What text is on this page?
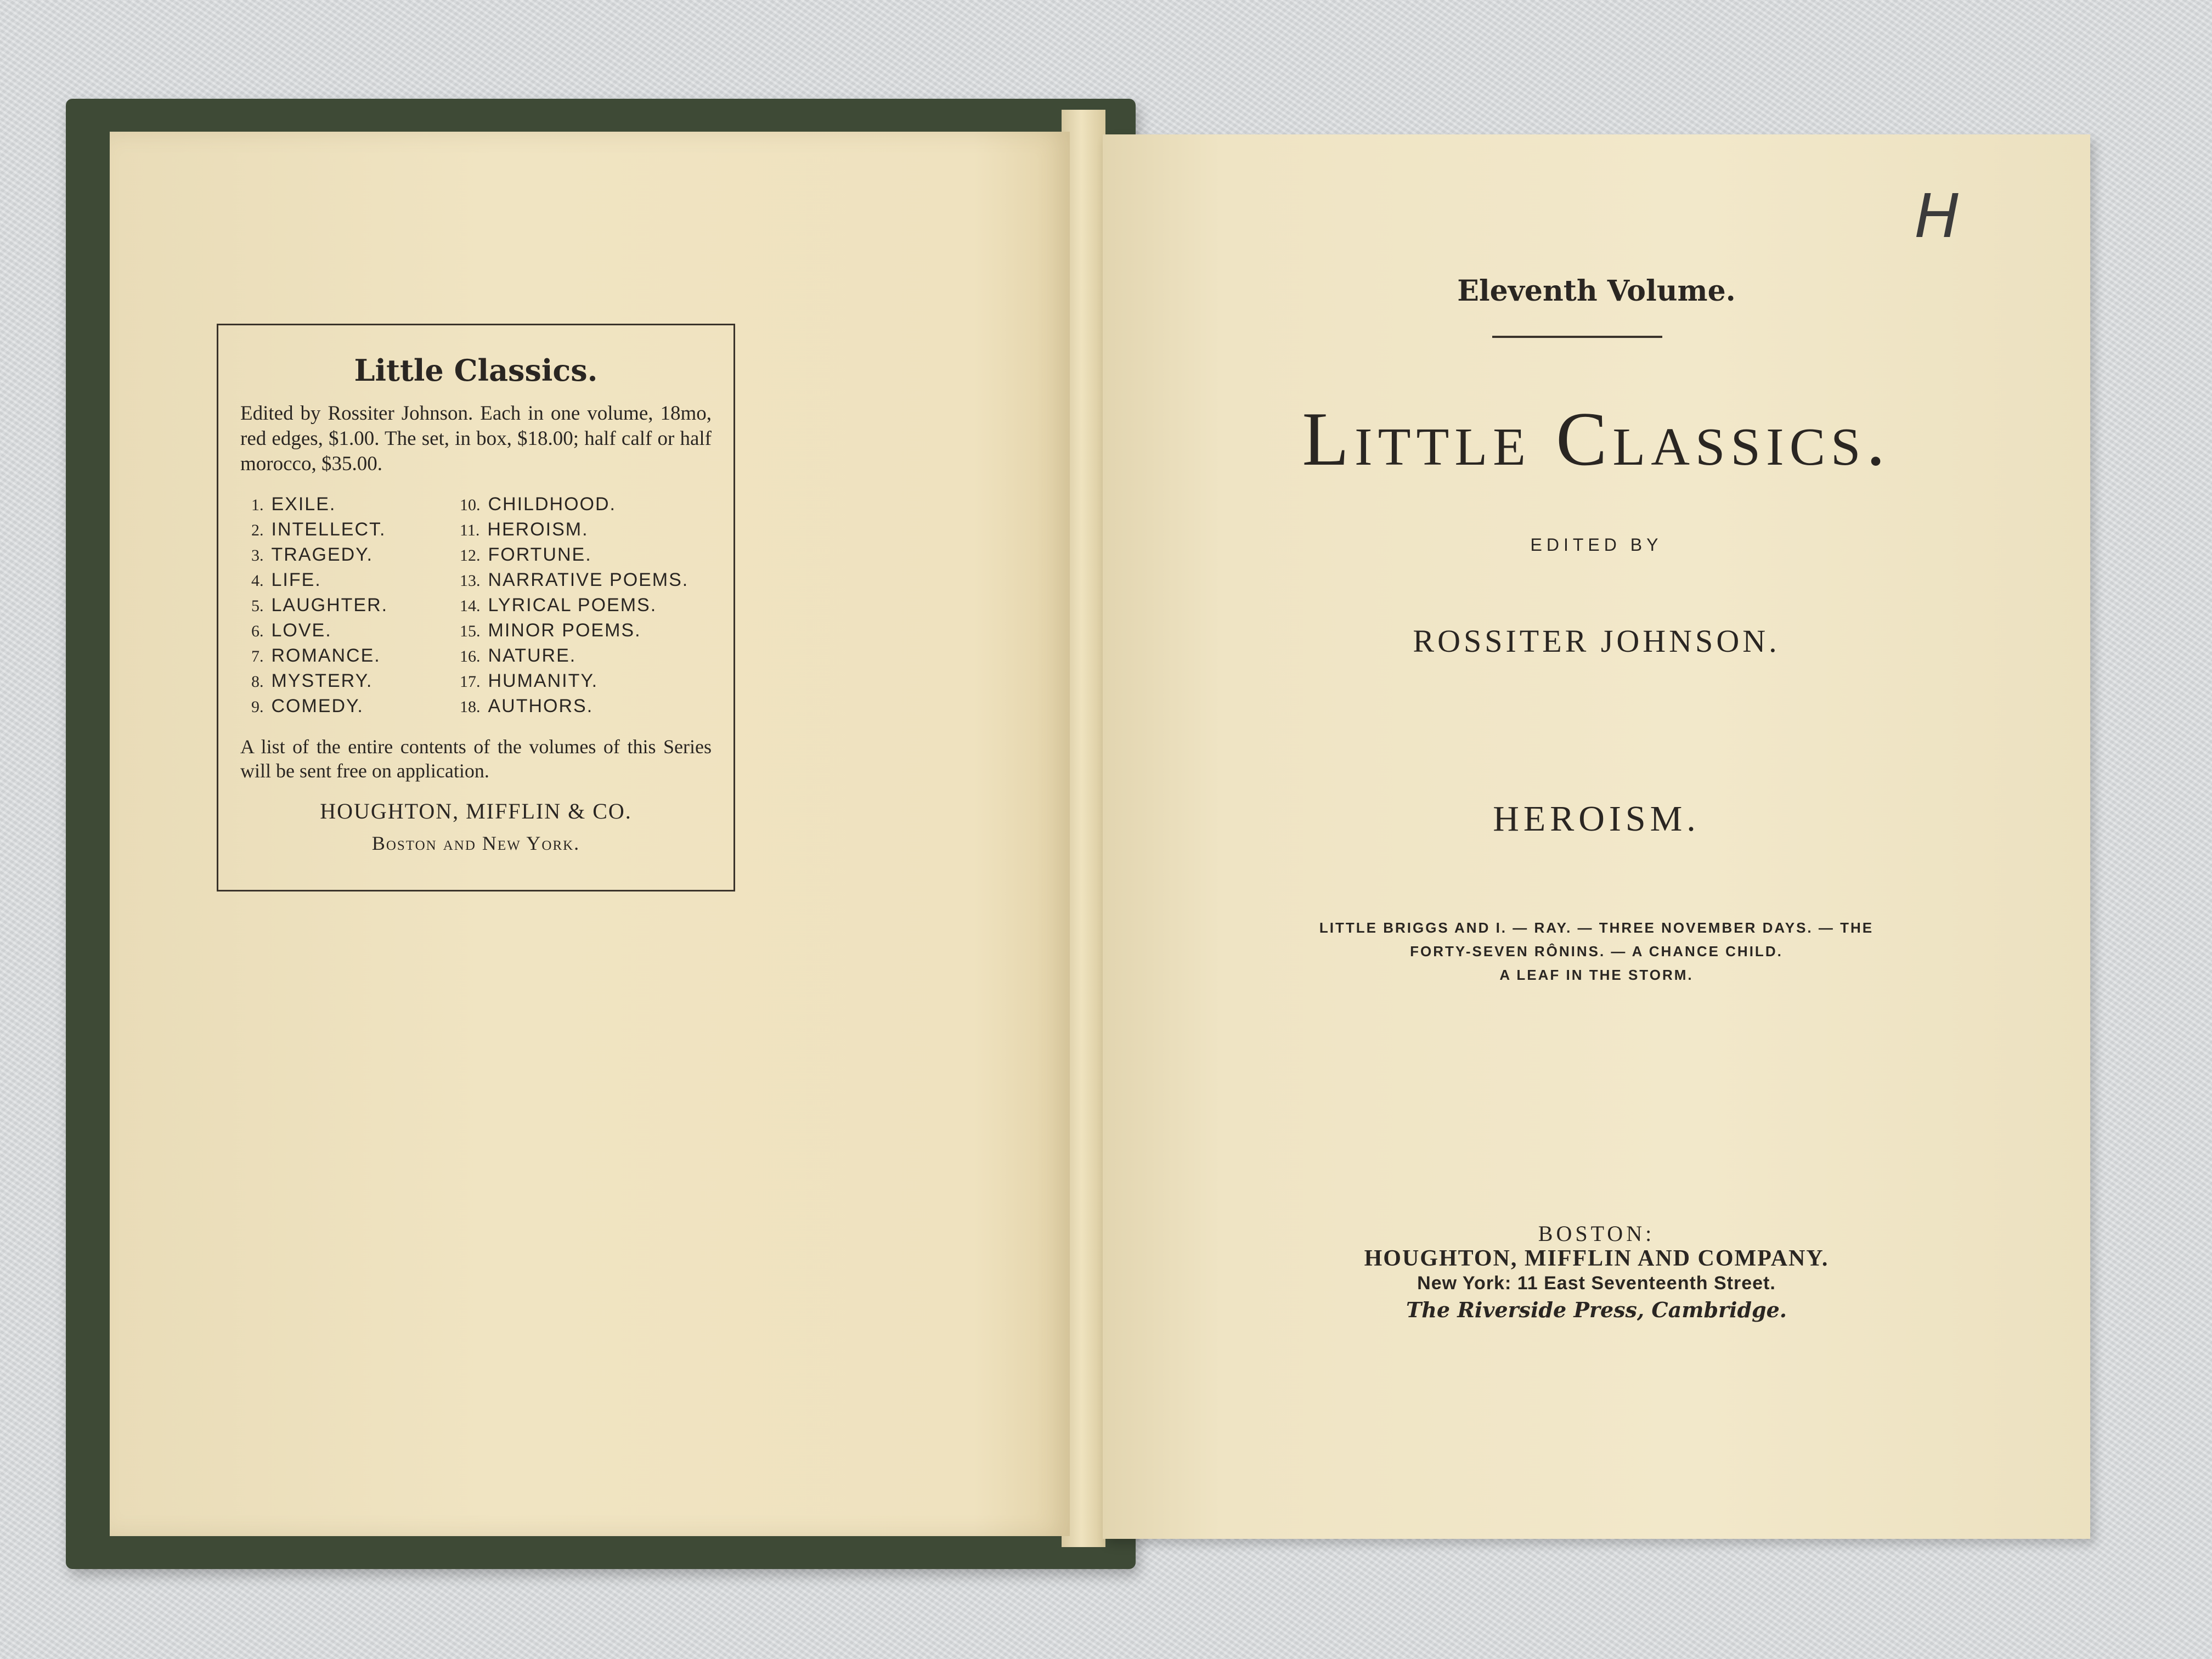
Little Classics.
Edited by Rossiter Johnson. Each in one volume, 18mo, red edges, $1.00. The set, in box, $18.00; half calf or half morocco, $35.00.
1. EXILE.	10. CHILDHOOD.
2. INTELLECT.	11. HEROISM.
3. TRAGEDY.	12. FORTUNE.
4. LIFE.	13. NARRATIVE POEMS.
5. LAUGHTER.	14. LYRICAL POEMS.
6. LOVE.	15. MINOR POEMS.
7. ROMANCE.	16. NATURE.
8. MYSTERY.	17. HUMANITY.
9. COMEDY.	18. AUTHORS.
A list of the entire contents of the volumes of this Series will be sent free on application.
HOUGHTON, MIFFLIN & CO.
Boston and New York.
H
Eleventh Volume.
Little Classics.
EDITED BY
ROSSITER JOHNSON.
HEROISM.
LITTLE BRIGGS AND I. — RAY. — THREE NOVEMBER DAYS. — THE
FORTY-SEVEN RÔNINS. — A CHANCE CHILD.
A LEAF IN THE STORM.
BOSTON:
HOUGHTON, MIFFLIN AND COMPANY.
New York: 11 East Seventeenth Street.
The Riverside Press, Cambridge.
